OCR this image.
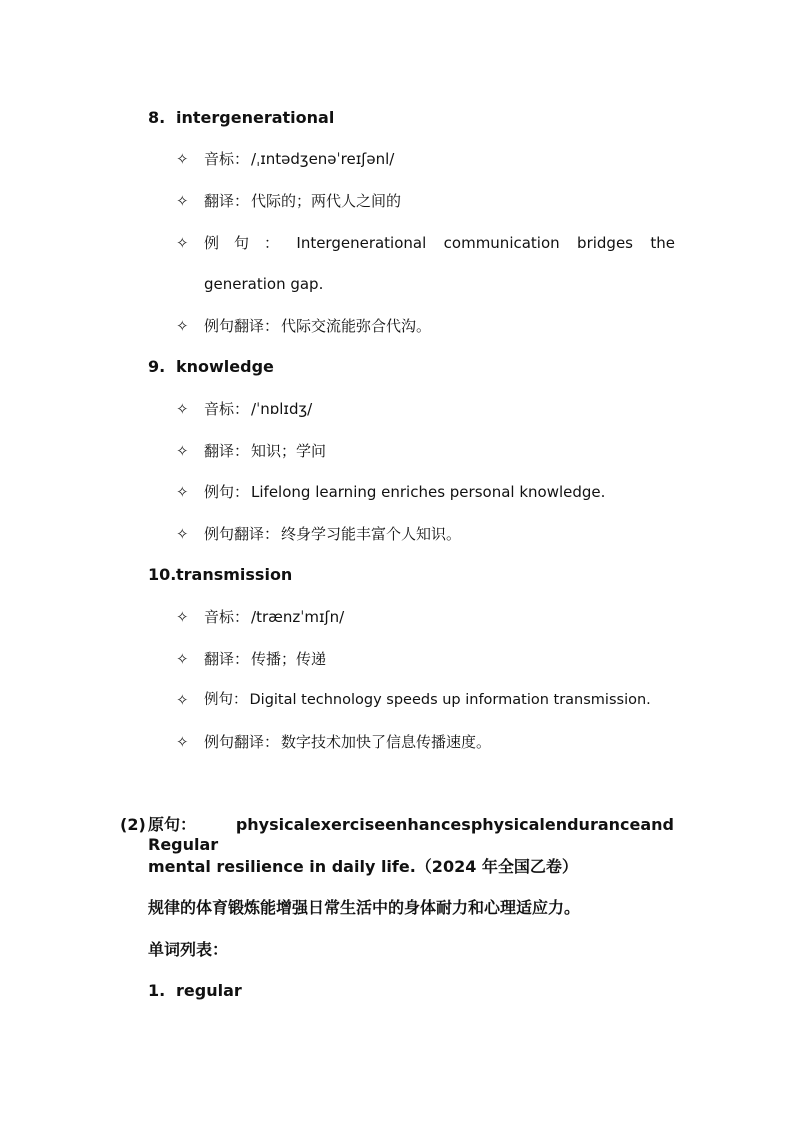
8. intergenerational
✧ 音标： /ˌɪntədʒenəˈreɪʃənl/
✧ 翻译： 代际的；两代人之间的
✧ 例　句　： Intergenerational communication bridges the
generation gap.
✧ 例句翻译： 代际交流能弥合代沟。
9. knowledge
✧ 音标： /ˈnɒlɪdʒ/
✧ 翻译： 知识；学问
✧ 例句： Lifelong learning enriches personal knowledge.
✧ 例句翻译： 终身学习能丰富个人知识。
10. transmission
✧ 音标： /trænzˈmɪʃn/
✧ 翻译： 传播；传递
✧ 例句： Digital technology speeds up information transmission.
✧ 例句翻译： 数字技术加快了信息传播速度。
(2) 原句：Regular
physical exercise enhances physical endurance and
mental resilience in daily life.（2024 年全国乙卷）
规律的体育锻炼能增强日常生活中的身体耐力和心理适应力。
单词列表：
1. regular
